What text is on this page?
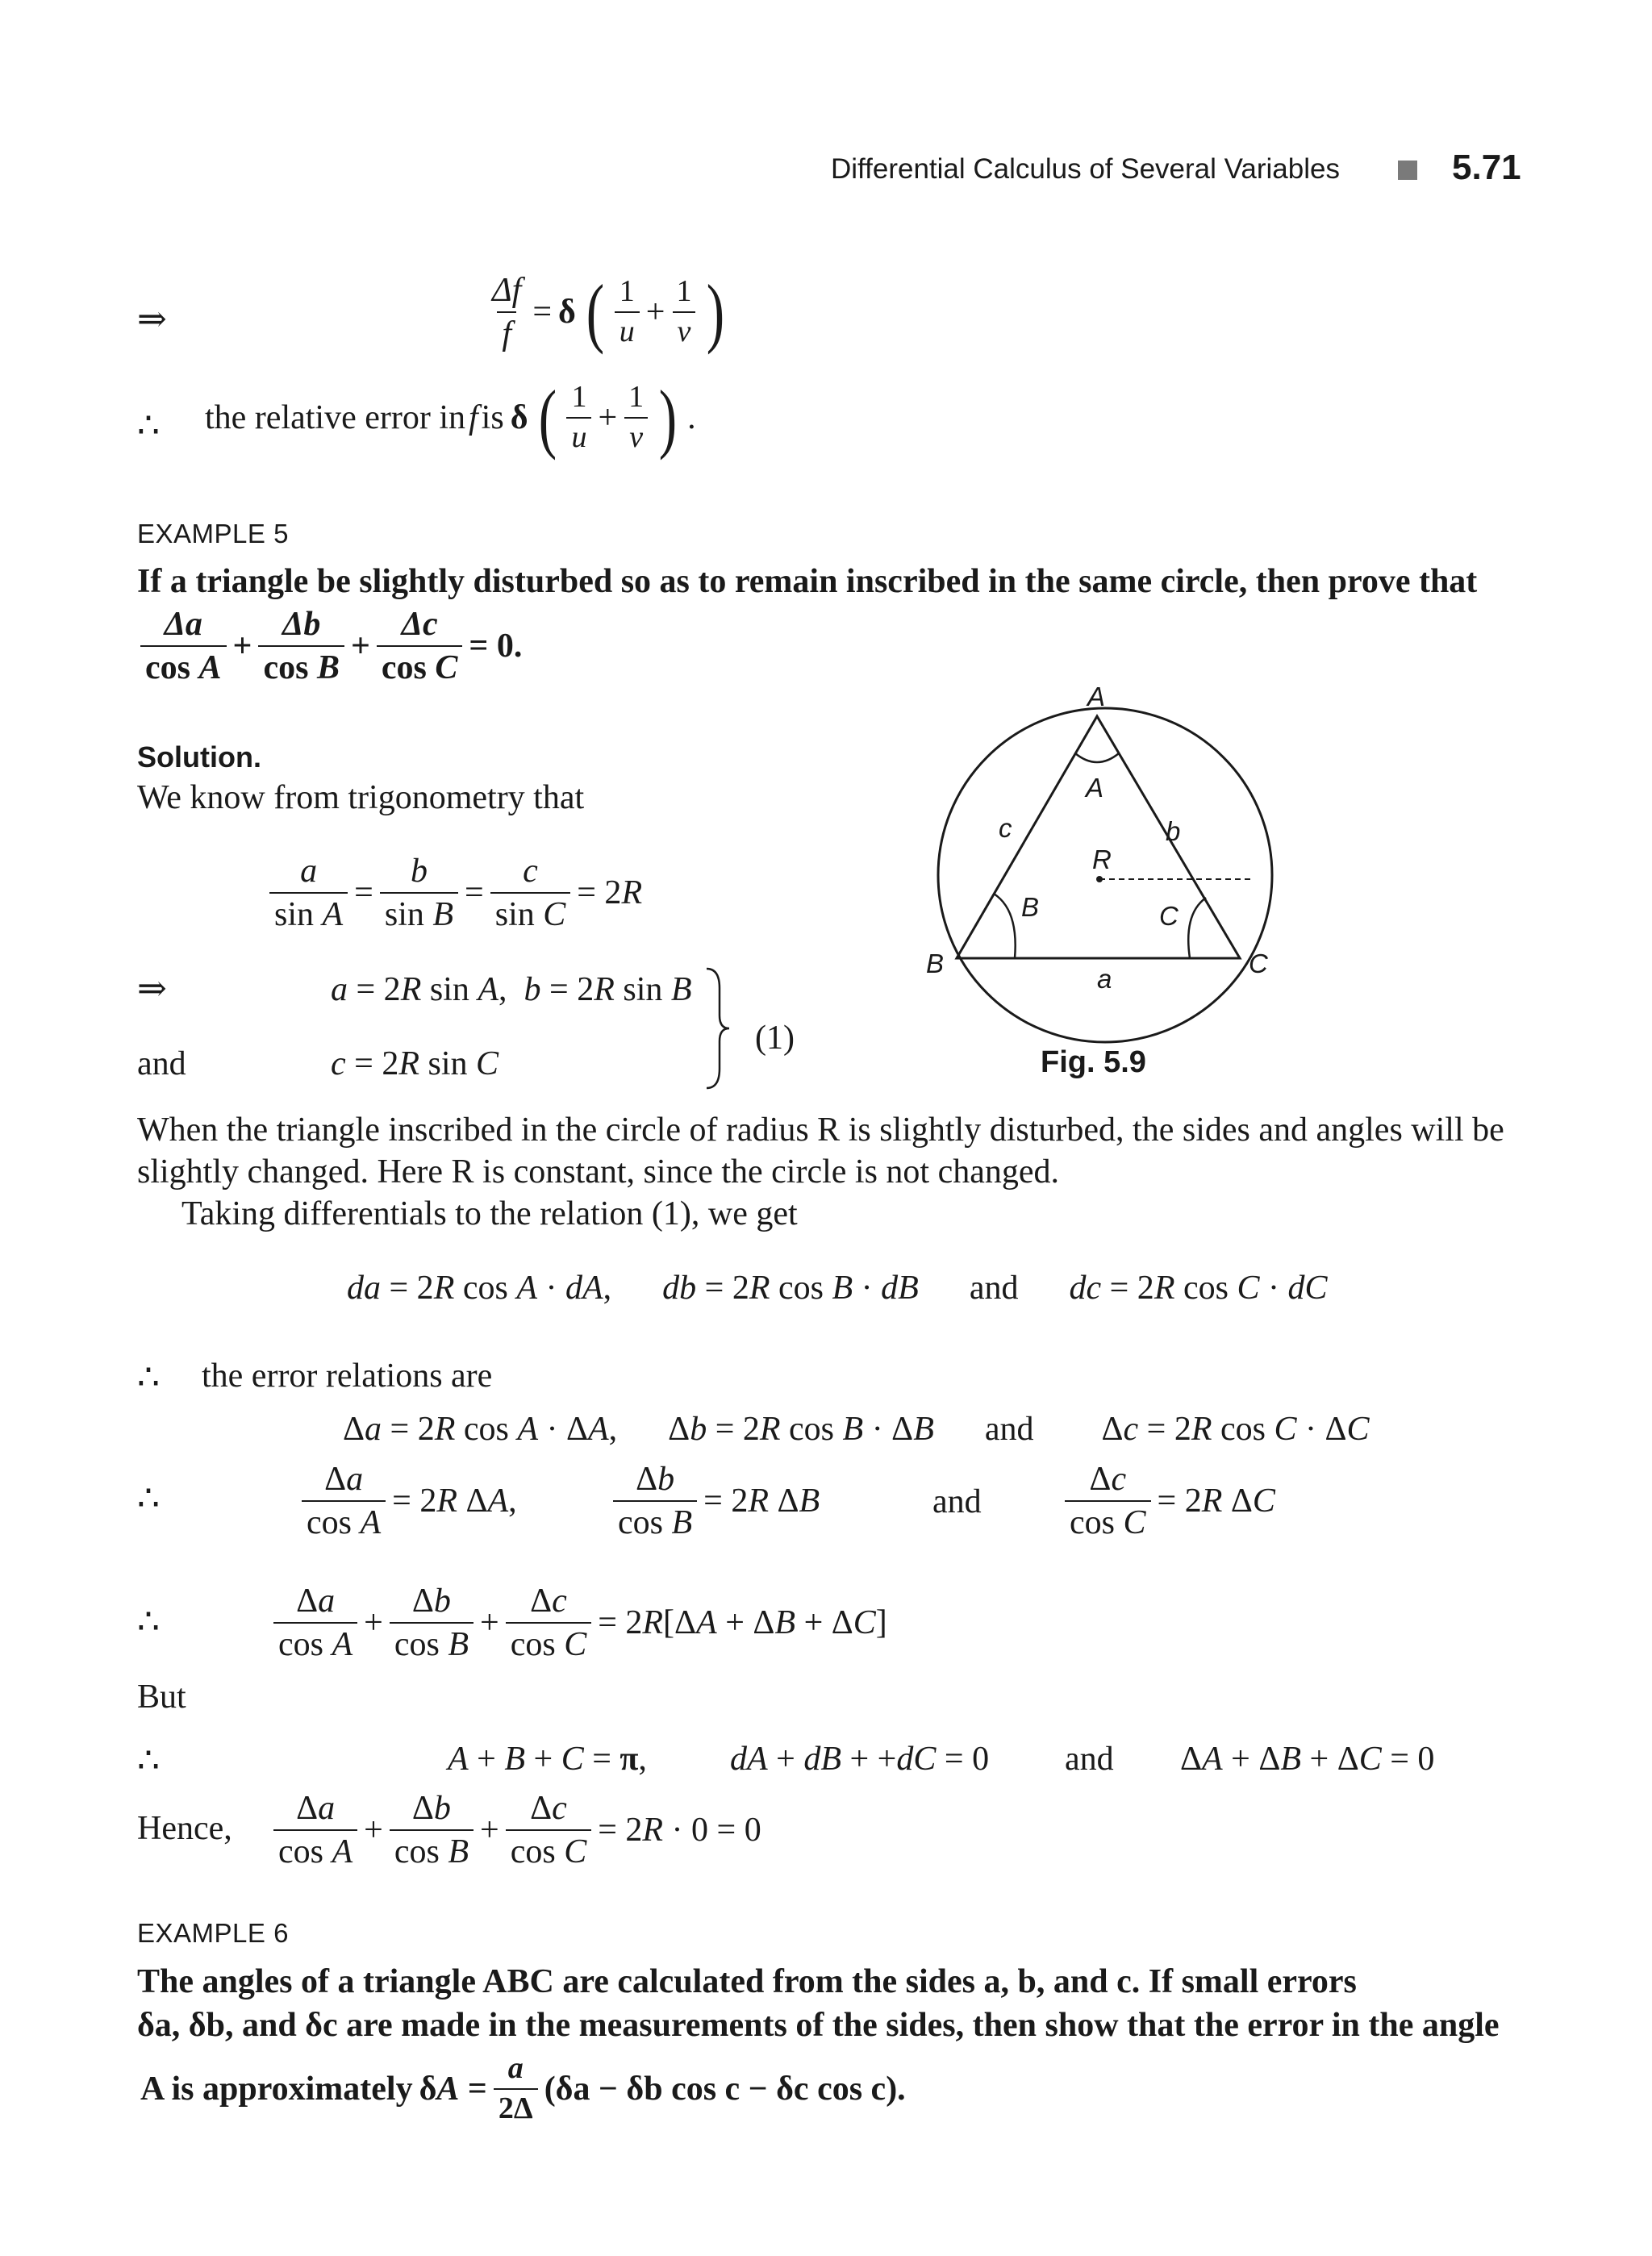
Differential Calculus of Several Variables	5.71
⇒	$\frac{\Delta f}{f} = \delta$ ( $\frac{1}{u} + \frac{1}{v}$ )
∴ the relative error in f is δ ( $\frac{1}{u} + \frac{1}{v}$ ) .
EXAMPLE 5
If a triangle be slightly disturbed so as to remain inscribed in the same circle, then prove that
$\frac{\Delta a}{\text{cos A}} + \frac{\Delta b}{\text{cos B}} + \frac{\Delta c}{\text{cos C}} = 0$.
Solution.
We know from trigonometry that
$\frac{a}{\text{sin A}} = \frac{b}{\text{sin B}} = \frac{c}{\text{sin C}} = 2R$
⇒	a = 2R sin A,  b = 2R sin B
and	c = 2R sin C
(1)
A
A
c	b
R
B	C
B
a
C
Fig. 5.9
When the triangle inscribed in the circle of radius R is slightly disturbed, the sides and angles will be slightly changed. Here R is constant, since the circle is not changed.
Taking differentials to the relation (1), we get
da = 2R cos A · dA,      db = 2R cos B · dB      and      dc = 2R cos C · dC
∴ the error relations are
Δa = 2R cos A · ΔA,      Δb = 2R cos B · ΔB      and        Δc = 2R cos C · ΔC
∴	$\frac{\Delta a}{\text{cos A}} = 2R$ ΔA,	$\frac{\Delta b}{\text{cos B}} = 2R$ ΔB	and $\frac{\Delta c}{\text{cos C}} = 2R$ ΔC
∴	$\frac{\Delta a}{\text{cos A}} + \frac{\Delta b}{\text{cos B}} + \frac{\Delta c}{\text{cos C}} = 2R[\Delta A + \Delta B + \Delta C]$
But
∴	A + B + C = π, dA + dB + +dC = 0 and ΔA + ΔB + ΔC = 0
Hence, $\frac{\Delta a}{\text{cos A}} + \frac{\Delta b}{\text{cos B}} + \frac{\Delta c}{\text{cos C}} = 2R \cdot 0 = 0$
EXAMPLE 6
The angles of a triangle ABC are calculated from the sides a, b, and c. If small errors
δa, δb, and δc are made in the measurements of the sides, then show that the error in the angle
A is approximately $\delta A = \frac{a}{2\Delta} (\delta a - \delta b$ cos c − δc cos c).
